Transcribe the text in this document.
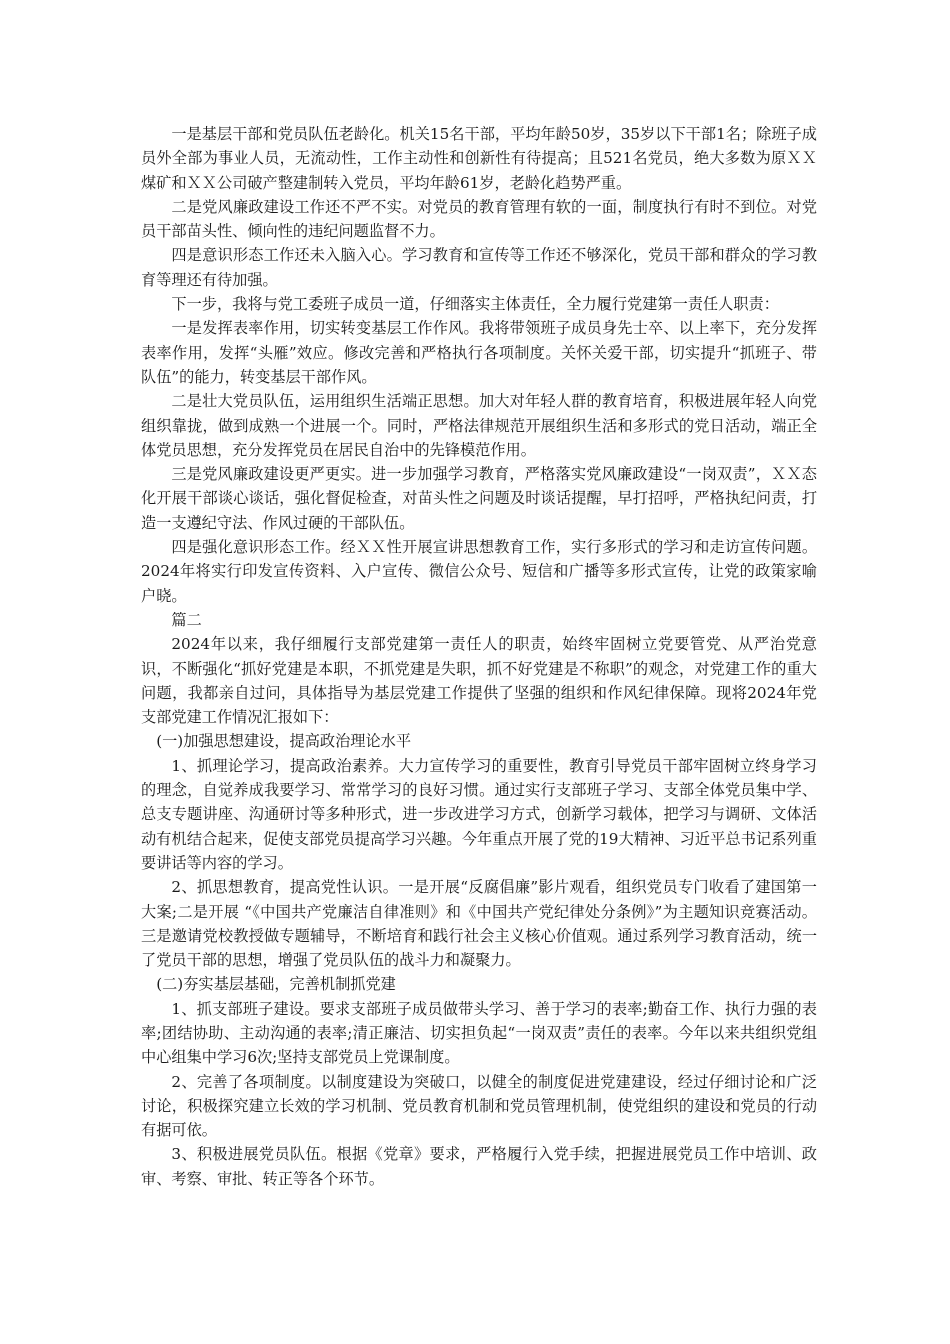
一是基层干部和党员队伍老龄化。机关15名干部，平均年龄50岁，35岁以下干部1名；除班子成员外全部为事业人员，无流动性，工作主动性和创新性有待提高；且521名党员，绝大多数为原ＸＸ煤矿和ＸＸ公司破产整建制转入党员，平均年龄61岁，老龄化趋势严重。

二是党风廉政建设工作还不严不实。对党员的教育管理有软的一面，制度执行有时不到位。对党员干部苗头性、倾向性的违纪问题监督不力。

四是意识形态工作还未入脑入心。学习教育和宣传等工作还不够深化，党员干部和群众的学习教育等理还有待加强。

下一步，我将与党工委班子成员一道，仔细落实主体责任，全力履行党建第一责任人职责：

一是发挥表率作用，切实转变基层工作作风。我将带领班子成员身先士卒、以上率下，充分发挥表率作用，发挥“头雁”效应。修改完善和严格执行各项制度。关怀关爱干部，切实提升“抓班子、带队伍”的能力，转变基层干部作风。

二是壮大党员队伍，运用组织生活端正思想。加大对年轻人群的教育培育，积极进展年轻人向党组织靠拢，做到成熟一个进展一个。同时，严格法律规范开展组织生活和多形式的党日活动，端正全体党员思想，充分发挥党员在居民自治中的先锋模范作用。

三是党风廉政建设更严更实。进一步加强学习教育，严格落实党风廉政建设“一岗双责”，ＸＸ态化开展干部谈心谈话，强化督促检查，对苗头性之问题及时谈话提醒，早打招呼，严格执纪问责，打造一支遵纪守法、作风过硬的干部队伍。

四是强化意识形态工作。经ＸＸ性开展宣讲思想教育工作，实行多形式的学习和走访宣传问题。2024年将实行印发宣传资料、入户宣传、微信公众号、短信和广播等多形式宣传，让党的政策家喻户晓。

篇二

2024年以来，我仔细履行支部党建第一责任人的职责，始终牢固树立党要管党、从严治党意识，不断强化“抓好党建是本职，不抓党建是失职，抓不好党建是不称职”的观念，对党建工作的重大问题，我都亲自过问，具体指导为基层党建工作提供了坚强的组织和作风纪律保障。现将2024年党支部党建工作情况汇报如下：

(一)加强思想建设，提高政治理论水平

1、抓理论学习，提高政治素养。大力宣传学习的重要性，教育引导党员干部牢固树立终身学习的理念，自觉养成我要学习、常常学习的良好习惯。通过实行支部班子学习、支部全体党员集中学、总支专题讲座、沟通研讨等多种形式，进一步改进学习方式，创新学习载体，把学习与调研、文体活动有机结合起来，促使支部党员提高学习兴趣。今年重点开展了党的19大精神、习近平总书记系列重要讲话等内容的学习。

2、抓思想教育，提高党性认识。一是开展“反腐倡廉”影片观看，组织党员专门收看了建国第一大案;二是开展 “《中国共产党廉洁自律准则》和《中国共产党纪律处分条例》”为主题知识竞赛活动。三是邀请党校教授做专题辅导，不断培育和践行社会主义核心价值观。通过系列学习教育活动，统一了党员干部的思想，增强了党员队伍的战斗力和凝聚力。

(二)夯实基层基础，完善机制抓党建

1、抓支部班子建设。要求支部班子成员做带头学习、善于学习的表率;勤奋工作、执行力强的表率;团结协助、主动沟通的表率;清正廉洁、切实担负起“一岗双责”责任的表率。今年以来共组织党组中心组集中学习6次;坚持支部党员上党课制度。

2、完善了各项制度。以制度建设为突破口，以健全的制度促进党建建设，经过仔细讨论和广泛讨论，积极探究建立长效的学习机制、党员教育机制和党员管理机制，使党组织的建设和党员的行动有据可依。

3、积极进展党员队伍。根据《党章》要求，严格履行入党手续，把握进展党员工作中培训、政审、考察、审批、转正等各个环节。
